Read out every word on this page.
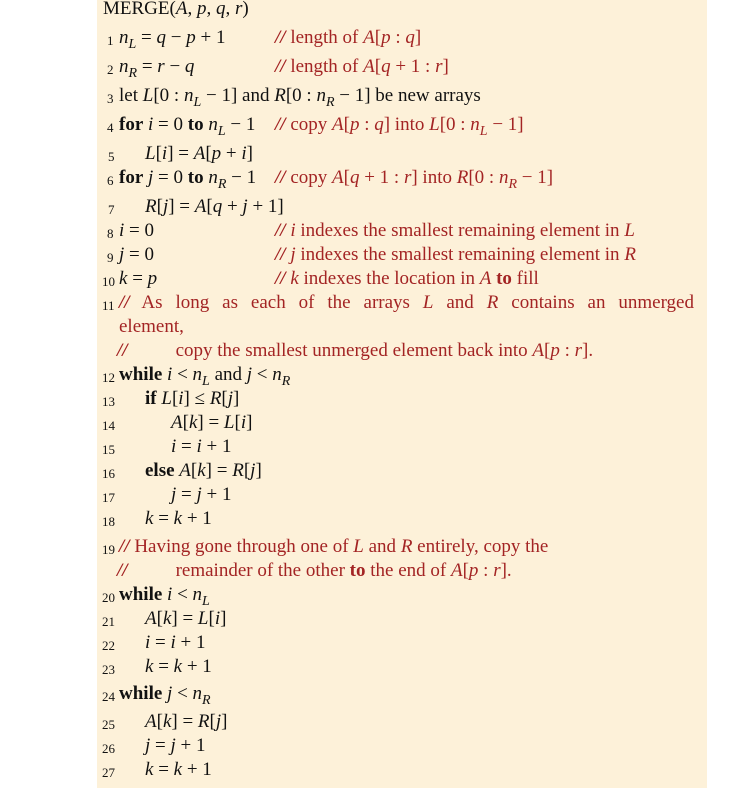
MERGE(A, p, q, r)
1 $n_L = q - p + 1$	// length of A[p : q]
2 $n_R = r - q$	// length of A[q + 1 : r]
3 let L[0 : $n_L - 1$] and R[0 : $n_R - 1$] be new arrays
4 for i = 0 to $n_L - 1$ // copy A[p : q] into L[0 : $n_L - 1$]
5 L[i] = A[p + i]
6 for j = 0 to $n_R - 1$ // copy A[q + 1 : r] into R[0 : $n_R - 1$]
7 R[j] = A[q + j + 1]
8 i = 0	// i indexes the smallest remaining element in L
9 j = 0	// j indexes the smallest remaining element in R
10 k = p	// k indexes the location in A to fill
11 // As long as each of the arrays L and R contains an unmerged
element,
//	copy the smallest unmerged element back into A[p : r].
12 while $i < n_L$ and $j < n_R$
13 if L[i] ≤ R[j]
14	A[k] = L[i]
15	i = i + 1
16 else A[k] = R[j]
17	j = j + 1
18 k = k + 1
19 // Having gone through one of L and R entirely, copy the
//	remainder of the other to the end of A[p : r].
20 while $i < n_L$
21 A[k] = L[i]
22 i = i + 1
23 k = k + 1
24 while $j < n_R$
25 A[k] = R[j]
26 j = j + 1
27 k = k + 1
